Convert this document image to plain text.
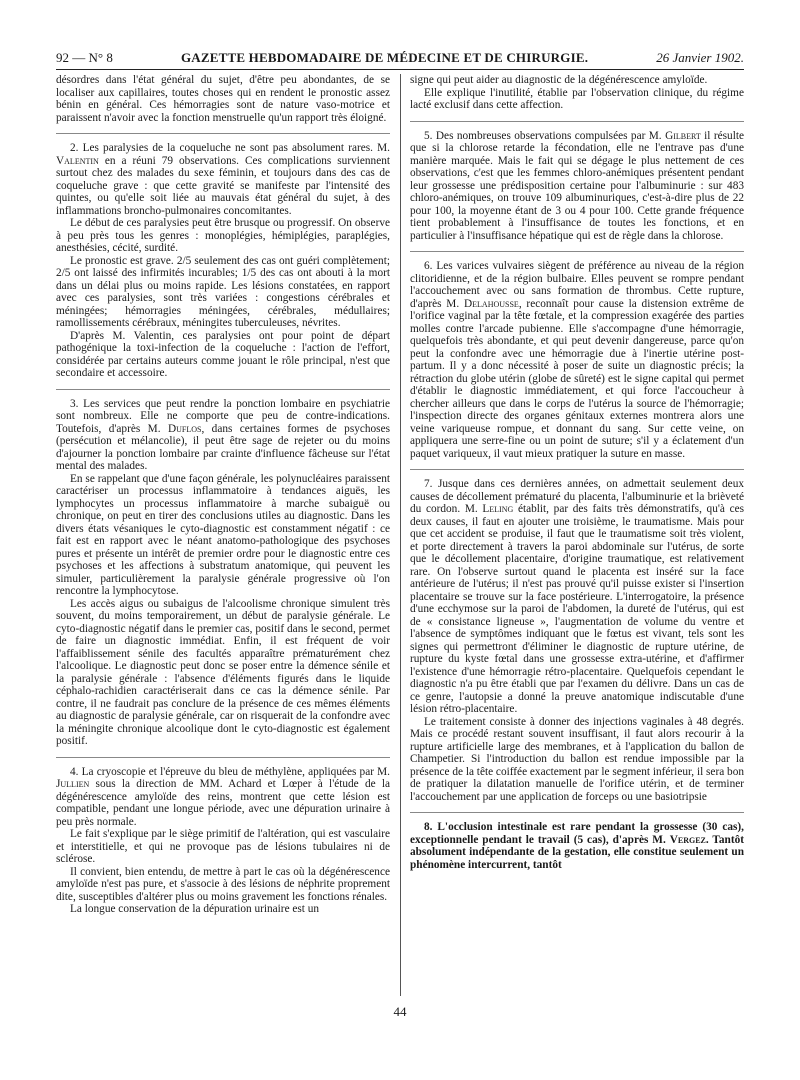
92 — N° 8	GAZETTE HEBDOMADAIRE DE MÉDECINE ET DE CHIRURGIE.	26 Janvier 1902.

désordres dans l'état général du sujet, d'être peu abondantes, de se localiser aux capillaires, toutes choses qui en rendent le pronostic assez bénin en général. Ces hémorragies sont de nature vaso-motrice et paraissent n'avoir avec la fonction menstruelle qu'un rapport très éloigné.

2. Les paralysies de la coqueluche ne sont pas absolument rares. M. Valentin en a réuni 79 observations. Ces complications surviennent surtout chez des malades du sexe féminin, et toujours dans des cas de coqueluche grave : que cette gravité se manifeste par l'intensité des quintes, ou qu'elle soit liée au mauvais état général du sujet, à des inflammations broncho-pulmonaires concomitantes.

Le début de ces paralysies peut être brusque ou progressif. On observe à peu près tous les genres : monoplégies, hémiplégies, paraplégies, anesthésies, cécité, surdité.

Le pronostic est grave. 2/5 seulement des cas ont guéri complètement; 2/5 ont laissé des infirmités incurables; 1/5 des cas ont abouti à la mort dans un délai plus ou moins rapide. Les lésions constatées, en rapport avec ces paralysies, sont très variées : congestions cérébrales et méningées; hémorragies méningées, cérébrales, médullaires; ramollissements cérébraux, méningites tuberculeuses, névrites.

D'après M. Valentin, ces paralysies ont pour point de départ pathogénique la toxi-infection de la coqueluche : l'action de l'effort, considérée par certains auteurs comme jouant le rôle principal, n'est que secondaire et accessoire.

3. Les services que peut rendre la ponction lombaire en psychiatrie sont nombreux. Elle ne comporte que peu de contre-indications. Toutefois, d'après M. Duflos, dans certaines formes de psychoses (persécution et mélancolie), il peut être sage de rejeter ou du moins d'ajourner la ponction lombaire par crainte d'influence fâcheuse sur l'état mental des malades.

En se rappelant que d'une façon générale, les polynucléaires paraissent caractériser un processus inflammatoire à tendances aiguës, les lymphocytes un processus inflammatoire à marche subaiguë ou chronique, on peut en tirer des conclusions utiles au diagnostic. Dans les divers états vésaniques le cyto-diagnostic est constamment négatif : ce fait est en rapport avec le néant anatomo-pathologique des psychoses pures et présente un intérêt de premier ordre pour le diagnostic entre ces psychoses et les affections à substratum anatomique, qui peuvent les simuler, particulièrement la paralysie générale progressive où l'on rencontre la lymphocytose.

Les accès aigus ou subaigus de l'alcoolisme chronique simulent très souvent, du moins temporairement, un début de paralysie générale. Le cyto-diagnostic négatif dans le premier cas, positif dans le second, permet de faire un diagnostic immédiat. Enfin, il est fréquent de voir l'affaiblissement sénile des facultés apparaître prématurément chez l'alcoolique. Le diagnostic peut donc se poser entre la démence sénile et la paralysie générale : l'absence d'éléments figurés dans le liquide céphalo-rachidien caractériserait dans ce cas la démence sénile. Par contre, il ne faudrait pas conclure de la présence de ces mêmes éléments au diagnostic de paralysie générale, car on risquerait de la confondre avec la méningite chronique alcoolique dont le cyto-diagnostic est également positif.

4. La cryoscopie et l'épreuve du bleu de méthylène, appliquées par M. Jullien sous la direction de MM. Achard et Lœper à l'étude de la dégénérescence amyloïde des reins, montrent que cette lésion est compatible, pendant une longue période, avec une dépuration urinaire à peu près normale.

Le fait s'explique par le siège primitif de l'altération, qui est vasculaire et interstitielle, et qui ne provoque pas de lésions tubulaires ni de sclérose.

Il convient, bien entendu, de mettre à part le cas où la dégénérescence amyloïde n'est pas pure, et s'associe à des lésions de néphrite proprement dite, susceptibles d'altérer plus ou moins gravement les fonctions rénales.

La longue conservation de la dépuration urinaire est un

signe qui peut aider au diagnostic de la dégénérescence amyloïde.

Elle explique l'inutilité, établie par l'observation clinique, du régime lacté exclusif dans cette affection.

5. Des nombreuses observations compulsées par M. Gilbert il résulte que si la chlorose retarde la fécondation, elle ne l'entrave pas d'une manière marquée. Mais le fait qui se dégage le plus nettement de ces observations, c'est que les femmes chloro-anémiques présentent pendant leur grossesse une prédisposition certaine pour l'albuminurie : sur 483 chloro-anémiques, on trouve 109 albuminuriques, c'est-à-dire plus de 22 pour 100, la moyenne étant de 3 ou 4 pour 100. Cette grande fréquence tient probablement à l'insuffisance de toutes les fonctions, et en particulier à l'insuffisance hépatique qui est de règle dans la chlorose.

6. Les varices vulvaires siègent de préférence au niveau de la région clitoridienne, et de la région bulbaire. Elles peuvent se rompre pendant l'accouchement avec ou sans formation de thrombus. Cette rupture, d'après M. Delahousse, reconnaît pour cause la distension extrême de l'orifice vaginal par la tête fœtale, et la compression exagérée des parties molles contre l'arcade pubienne. Elle s'accompagne d'une hémorragie, quelquefois très abondante, et qui peut devenir dangereuse, parce qu'on peut la confondre avec une hémorragie due à l'inertie utérine post-partum. Il y a donc nécessité à poser de suite un diagnostic précis; la rétraction du globe utérin (globe de sûreté) est le signe capital qui permet d'établir le diagnostic immédiatement, et qui force l'accoucheur à chercher ailleurs que dans le corps de l'utérus la source de l'hémorragie; l'inspection directe des organes génitaux externes montrera alors une veine variqueuse rompue, et donnant du sang. Sur cette veine, on appliquera une serre-fine ou un point de suture; s'il y a éclatement d'un paquet variqueux, il vaut mieux pratiquer la suture en masse.

7. Jusque dans ces dernières années, on admettait seulement deux causes de décollement prématuré du placenta, l'albuminurie et la brièveté du cordon. M. Leling établit, par des faits très démonstratifs, qu'à ces deux causes, il faut en ajouter une troisième, le traumatisme. Mais pour que cet accident se produise, il faut que le traumatisme soit très violent, et porte directement à travers la paroi abdominale sur l'utérus, de sorte que le décollement placentaire, d'origine traumatique, est relativement rare. On l'observe surtout quand le placenta est inséré sur la face antérieure de l'utérus; il n'est pas prouvé qu'il puisse exister si l'insertion placentaire se trouve sur la face postérieure. L'interrogatoire, la présence d'une ecchymose sur la paroi de l'abdomen, la dureté de l'utérus, qui est de « consistance ligneuse », l'augmentation de volume du ventre et l'absence de symptômes indiquant que le fœtus est vivant, tels sont les signes qui permettront d'éliminer le diagnostic de rupture utérine, de rupture du kyste fœtal dans une grossesse extra-utérine, et d'affirmer l'existence d'une hémorragie rétro-placentaire. Quelquefois cependant le diagnostic n'a pu être établi que par l'examen du délivre. Dans un cas de ce genre, l'autopsie a donné la preuve anatomique indiscutable d'une lésion rétro-placentaire.

Le traitement consiste à donner des injections vaginales à 48 degrés. Mais ce procédé restant souvent insuffisant, il faut alors recourir à la rupture artificielle large des membranes, et à l'application du ballon de Champetier. Si l'introduction du ballon est rendue impossible par la présence de la tête coiffée exactement par le segment inférieur, il sera bon de pratiquer la dilatation manuelle de l'orifice utérin, et de terminer l'accouchement par une application de forceps ou une basiotripsie

8. L'occlusion intestinale est rare pendant la grossesse (30 cas), exceptionnelle pendant le travail (5 cas), d'après M. Vergez. Tantôt absolument indépendante de la gestation, elle constitue seulement un phénomène intercurrent, tantôt

44
